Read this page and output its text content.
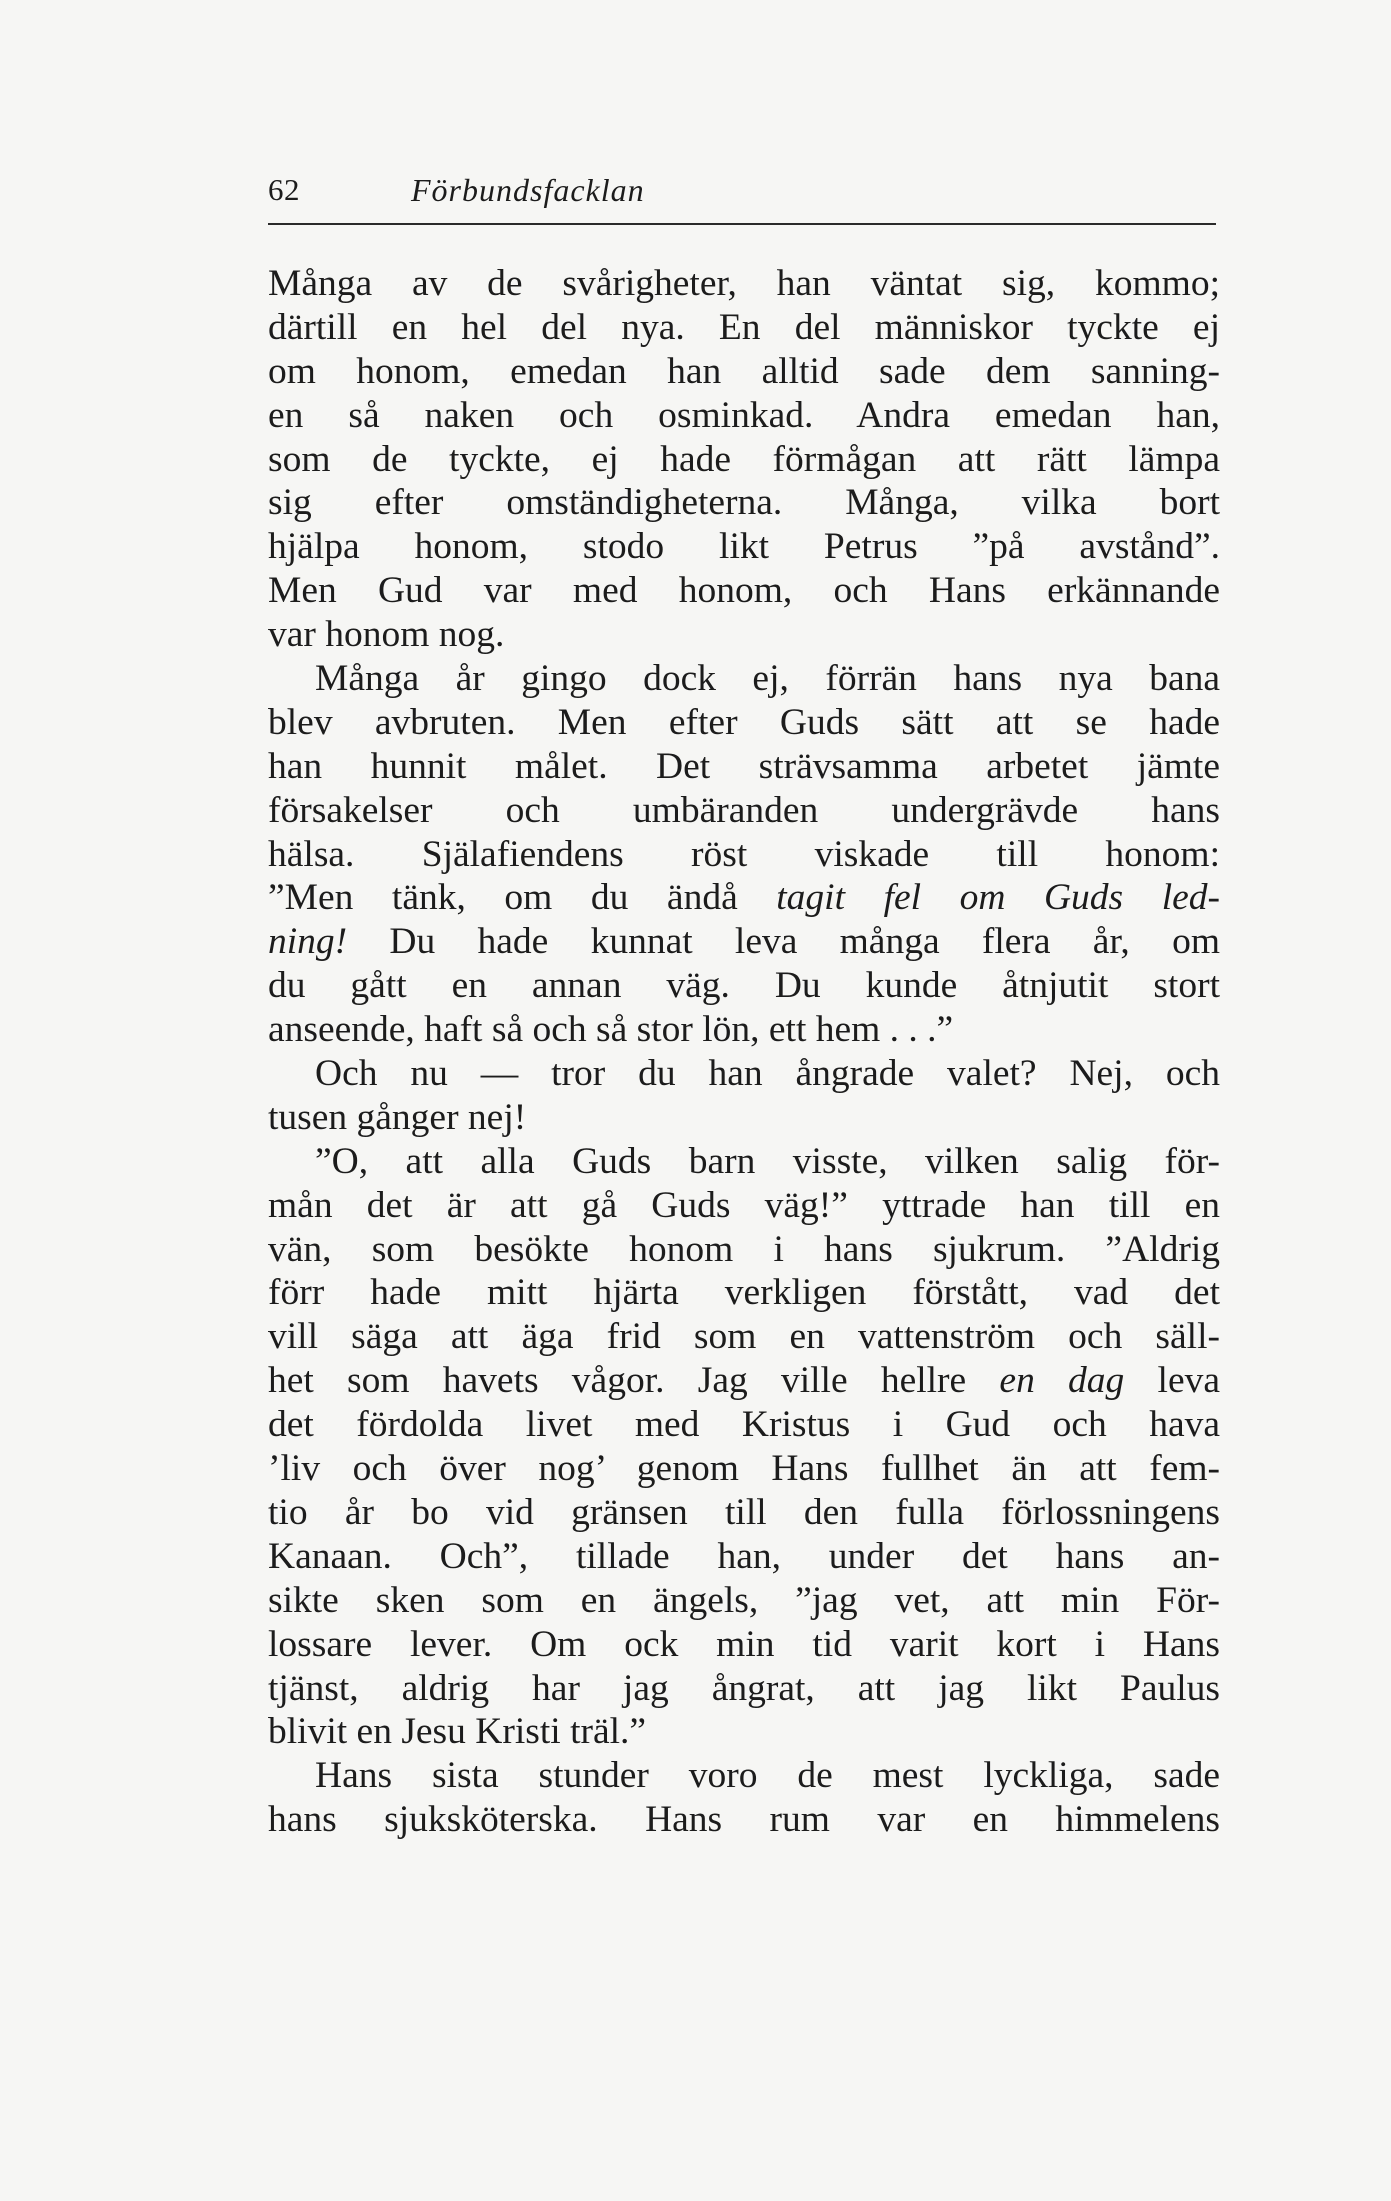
62	Förbundsfacklan
Många av de svårigheter, han väntat sig, kommo;
därtill en hel del nya. En del människor tyckte ej
om honom, emedan han alltid sade dem sanning-
en så naken och osminkad. Andra emedan han,
som de tyckte, ej hade förmågan att rätt lämpa
sig efter omständigheterna. Många, vilka bort
hjälpa honom, stodo likt Petrus ”på avstånd”.
Men Gud var med honom, och Hans erkännande
var honom nog.
Många år gingo dock ej, förrän hans nya bana
blev avbruten. Men efter Guds sätt att se hade
han hunnit målet. Det strävsamma arbetet jämte
försakelser och umbäranden undergrävde hans
hälsa. Själafiendens röst viskade till honom:
”Men tänk, om du ändå tagit fel om Guds led-
ning! Du hade kunnat leva många flera år, om
du gått en annan väg. Du kunde åtnjutit stort
anseende, haft så och så stor lön, ett hem . . .”
Och nu — tror du han ångrade valet? Nej, och
tusen gånger nej!
”O, att alla Guds barn visste, vilken salig för-
mån det är att gå Guds väg!” yttrade han till en
vän, som besökte honom i hans sjukrum. ”Aldrig
förr hade mitt hjärta verkligen förstått, vad det
vill säga att äga frid som en vattenström och säll-
het som havets vågor. Jag ville hellre en dag leva
det fördolda livet med Kristus i Gud och hava
’liv och över nog’ genom Hans fullhet än att fem-
tio år bo vid gränsen till den fulla förlossningens
Kanaan. Och”, tillade han, under det hans an-
sikte sken som en ängels, ”jag vet, att min För-
lossare lever. Om ock min tid varit kort i Hans
tjänst, aldrig har jag ångrat, att jag likt Paulus
blivit en Jesu Kristi träl.”
Hans sista stunder voro de mest lyckliga, sade
hans sjuksköterska. Hans rum var en himmelens
